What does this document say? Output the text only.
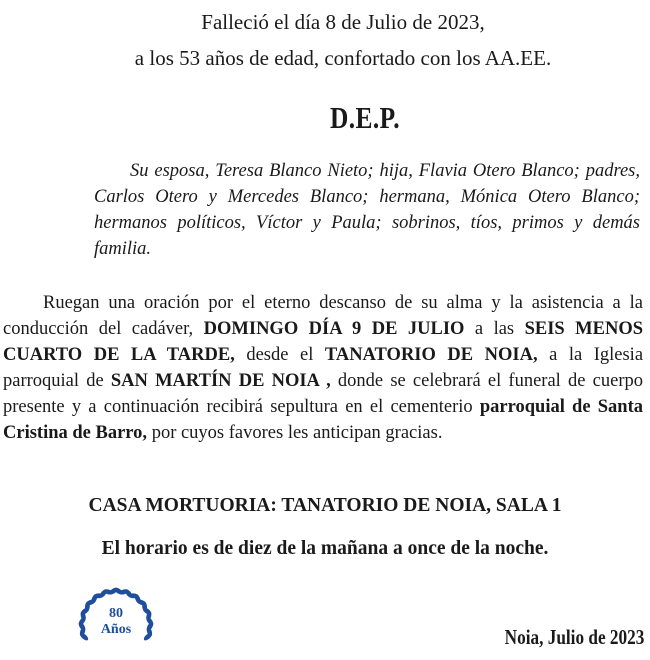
Falleció el día 8 de Julio de 2023,
a los 53 años de edad, confortado con los AA.EE.
D.E.P.
Su esposa, Teresa Blanco Nieto; hija, Flavia Otero Blanco; padres, Carlos Otero y Mercedes Blanco; hermana, Mónica Otero Blanco; hermanos políticos, Víctor y Paula; sobrinos, tíos, primos y demás familia.
Ruegan una oración por el eterno descanso de su alma y la asistencia a la conducción del cadáver, DOMINGO DÍA 9 DE JULIO a las SEIS MENOS CUARTO DE LA TARDE, desde el TANATORIO DE NOIA, a la Iglesia parroquial de SAN MARTÍN DE NOIA , donde se celebrará el funeral de cuerpo presente y a continuación recibirá sepultura en el cementerio parroquial de Santa Cristina de Barro, por cuyos favores les anticipan gracias.
CASA MORTUORIA: TANATORIO DE NOIA, SALA 1
El horario es de diez de la mañana a once de la noche.
80
Años	Noia, Julio de 2023
